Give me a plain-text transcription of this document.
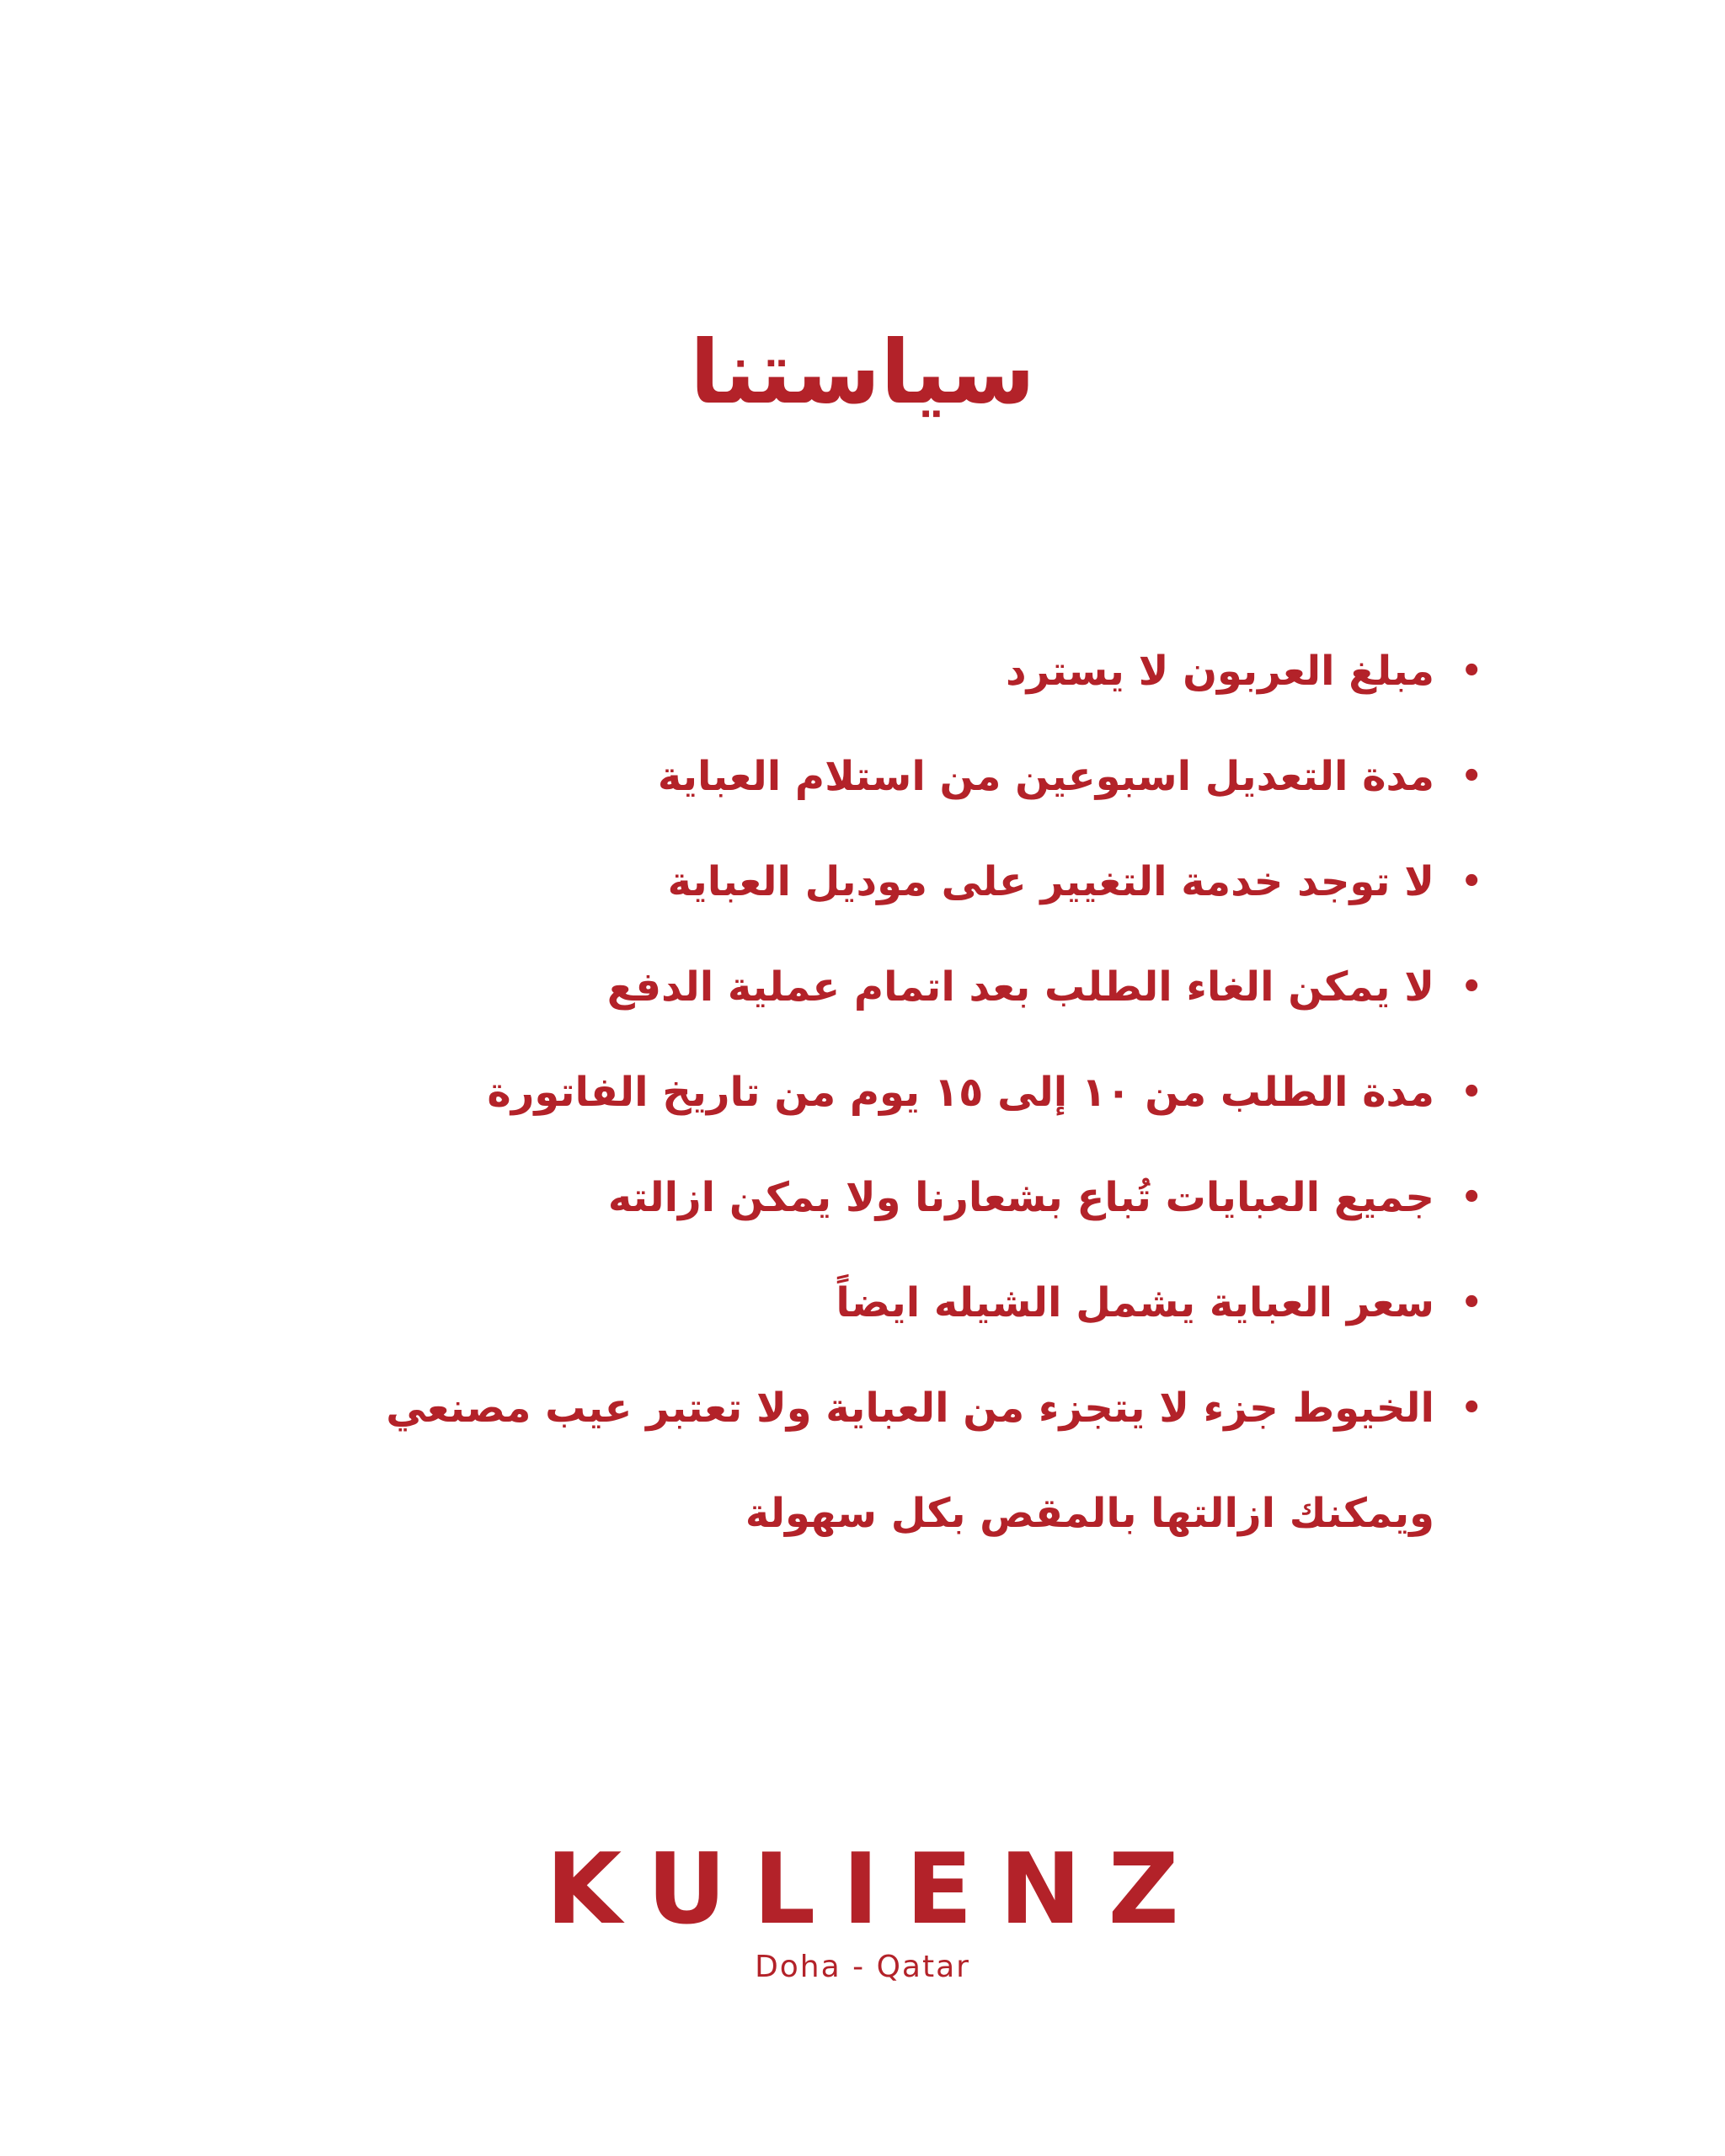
سياستنا
•
مبلغ العربون لا يسترد
•
مدة التعديل اسبوعين من استلام العباية
•
لا توجد خدمة التغيير على موديل العباية
•
لا يمكن الغاء الطلب بعد اتمام عملية الدفع
•
مدة الطلب من ١٠ إلى ١٥ يوم من تاريخ الفاتورة
•
جميع العبايات تُباع بشعارنا ولا يمكن ازالته
•
سعر العباية يشمل الشيله ايضاً
•
الخيوط جزء لا يتجزء من العباية ولا تعتبر عيب مصنعي ويمكنك ازالتها بالمقص بكل سهولة
KULIENZ
Doha - Qatar
